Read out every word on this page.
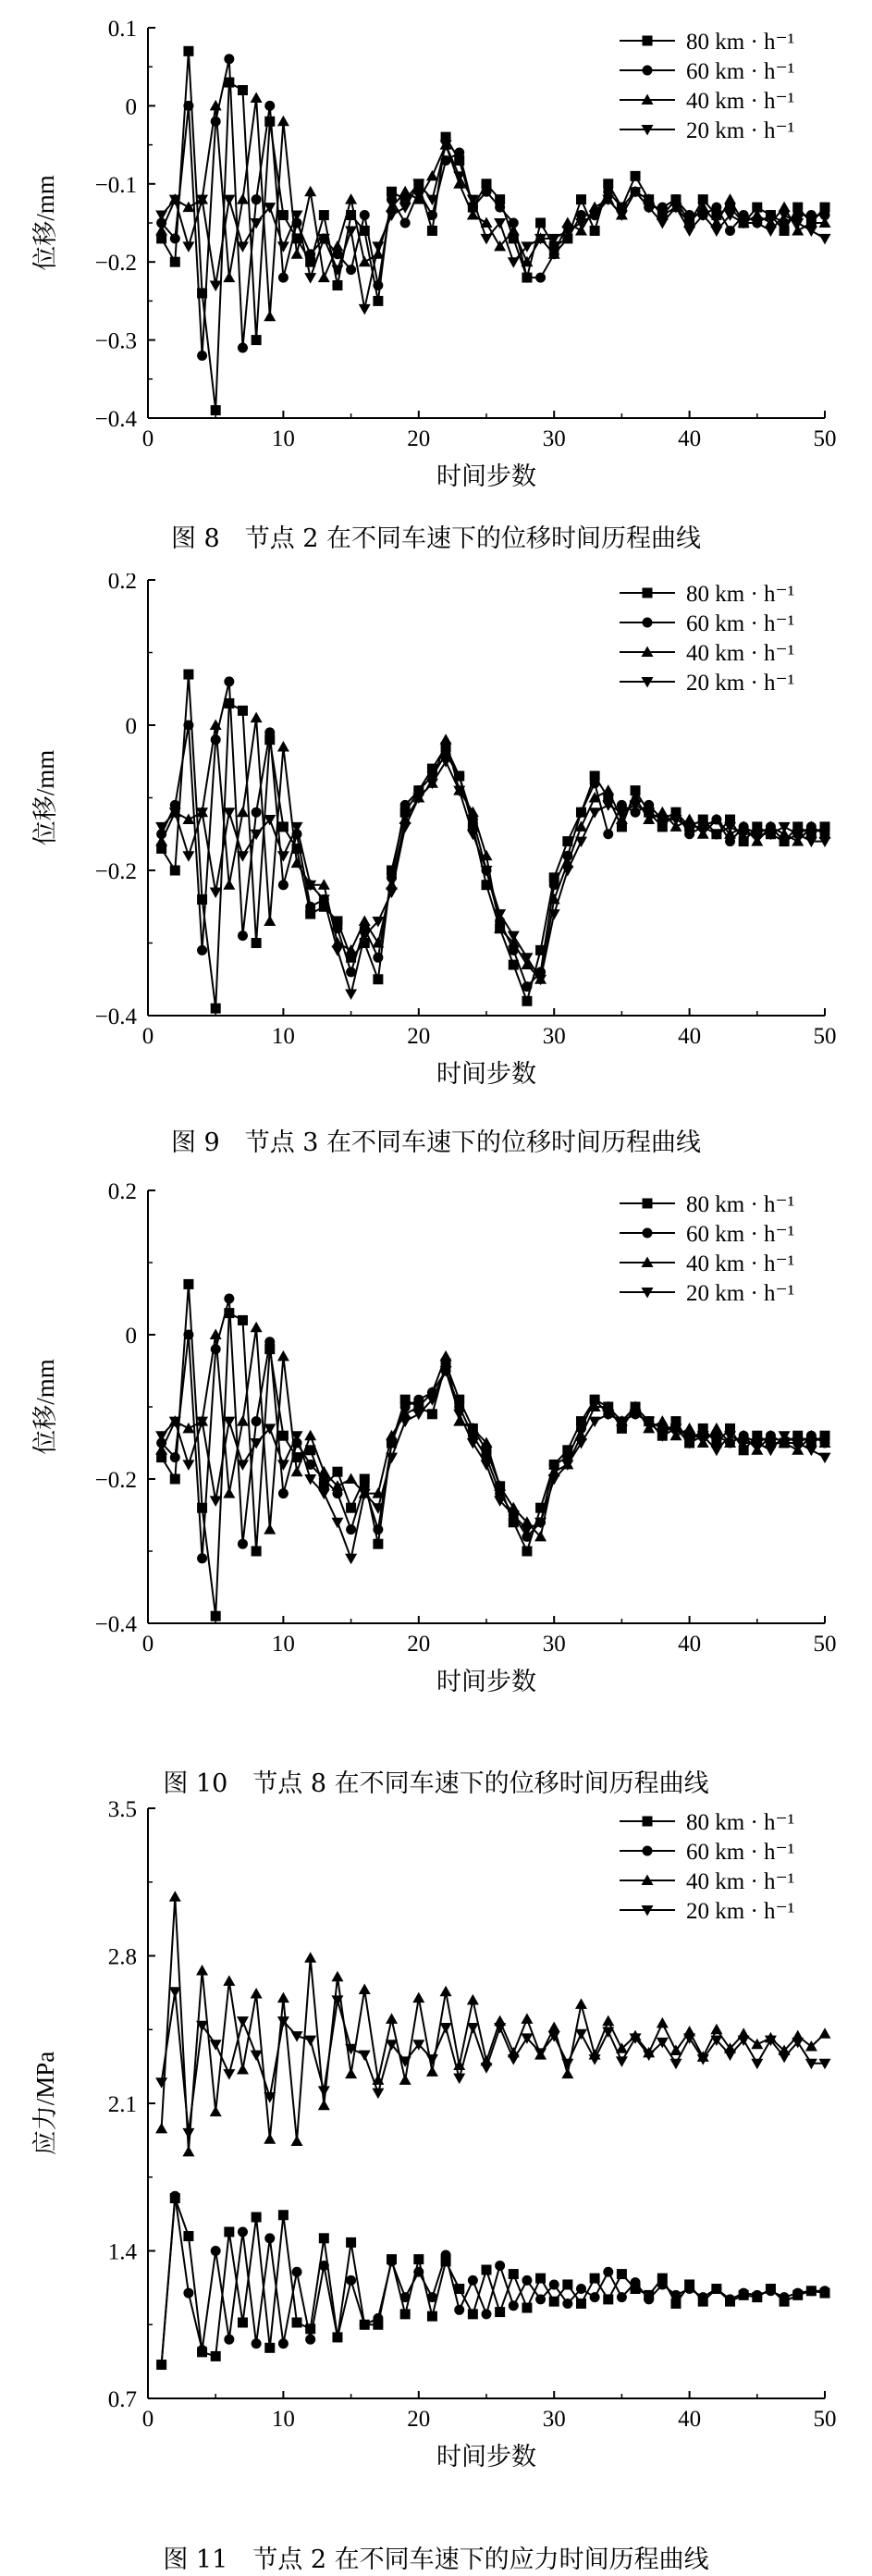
0	10	20	30	40	50
0.1
0
−0.1
−0.2
−0.3
−0.4
时间步数
位移/mm
80 km · h⁻¹
60 km · h⁻¹
40 km · h⁻¹
20 km · h⁻¹
图 8　节点 2 在不同车速下的位移时间历程曲线
0	10	20	30	40	50
0.2
0
−0.2
−0.4
时间步数
位移/mm
80 km · h⁻¹
60 km · h⁻¹
40 km · h⁻¹
20 km · h⁻¹
图 9　节点 3 在不同车速下的位移时间历程曲线
0	10	20	30	40	50
0.2
0
−0.2
−0.4
时间步数
位移/mm
80 km · h⁻¹
60 km · h⁻¹
40 km · h⁻¹
20 km · h⁻¹
图 10　节点 8 在不同车速下的位移时间历程曲线
0	10	20	30	40	50
3.5
2.8
2.1
1.4
0.7
时间步数
应力/MPa
80 km · h⁻¹
60 km · h⁻¹
40 km · h⁻¹
20 km · h⁻¹
图 11　节点 2 在不同车速下的应力时间历程曲线
